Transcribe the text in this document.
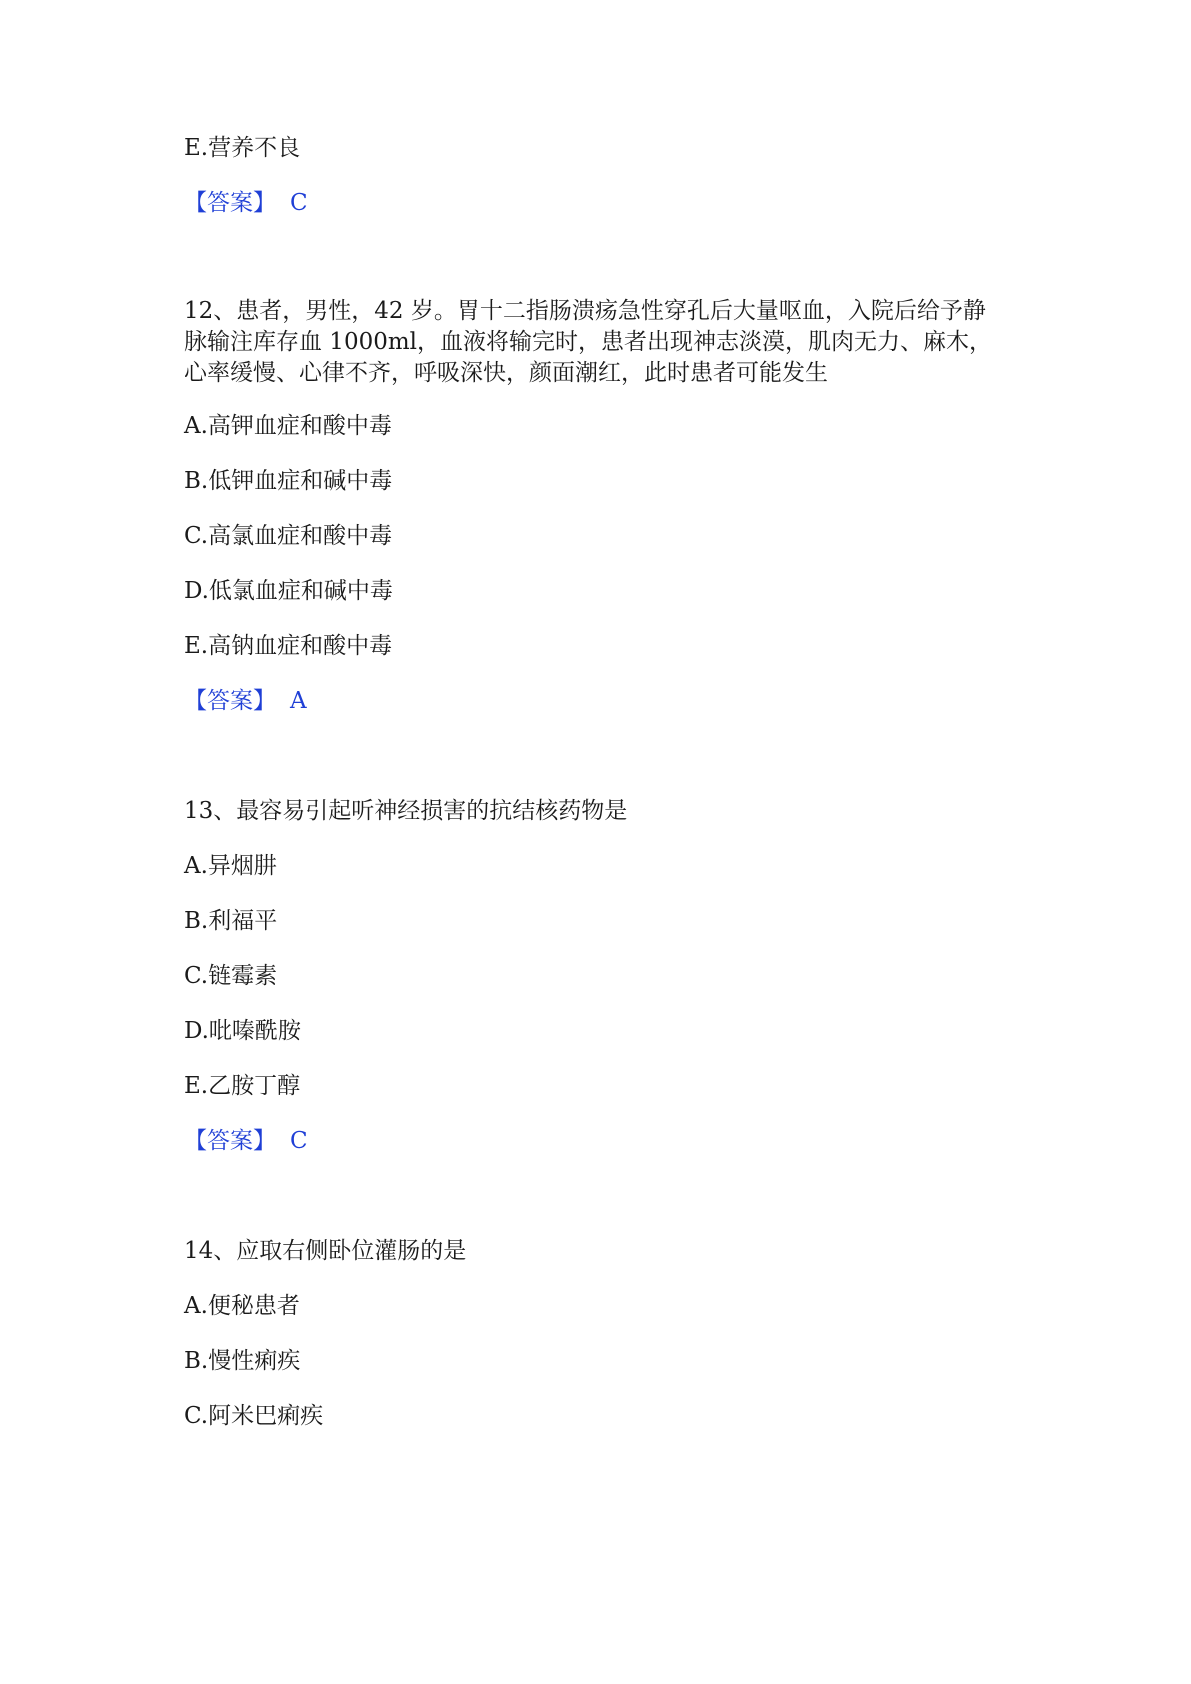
E.营养不良
【答案】 C
12、患者，男性，42 岁。胃十二指肠溃疡急性穿孔后大量呕血，入院后给予静
脉输注库存血 1000ml，血液将输完时，患者出现神志淡漠，肌肉无力、麻木，
心率缓慢、心律不齐，呼吸深快，颜面潮红，此时患者可能发生
A.高钾血症和酸中毒
B.低钾血症和碱中毒
C.高氯血症和酸中毒
D.低氯血症和碱中毒
E.高钠血症和酸中毒
【答案】 A
13、最容易引起听神经损害的抗结核药物是
A.异烟肼
B.利福平
C.链霉素
D.吡嗪酰胺
E.乙胺丁醇
【答案】 C
14、应取右侧卧位灌肠的是
A.便秘患者
B.慢性痢疾
C.阿米巴痢疾
